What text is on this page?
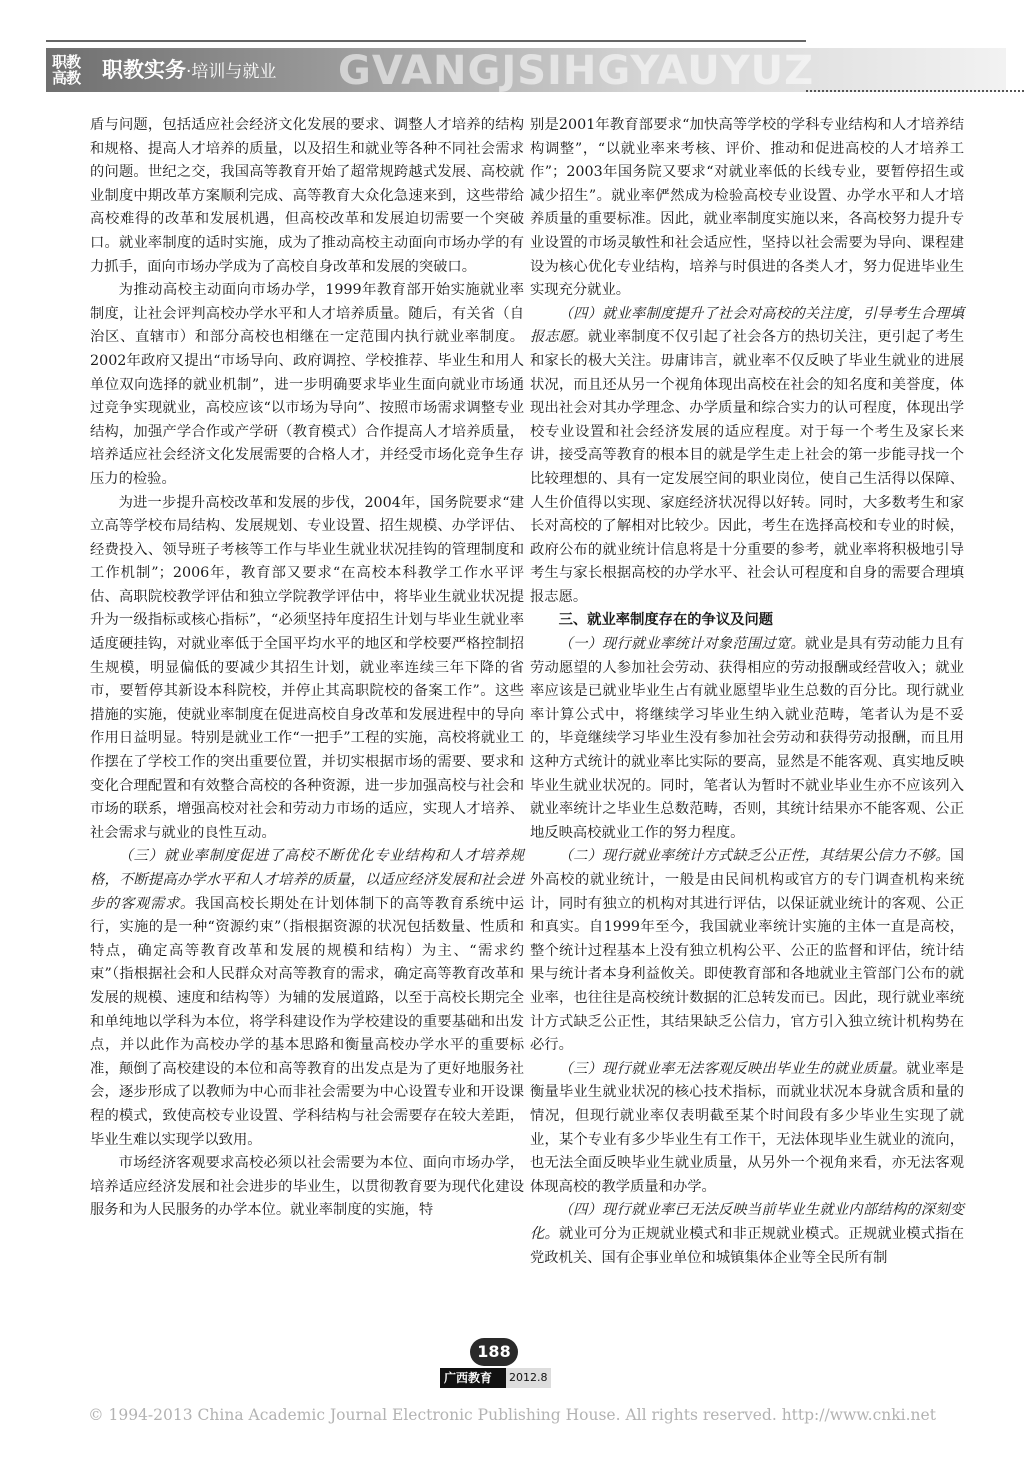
职教
高教	GVANGJSIHGYAUYUZ
职教实务·培训与就业

盾与问题，包括适应社会经济文化发展的要求、调整人才培养的结构和规格、提高人才培养的质量，以及招生和就业等各种不同社会需求的问题。世纪之交，我国高等教育开始了超常规跨越式发展、高校就业制度中期改革方案顺利完成、高等教育大众化急速来到，这些带给高校难得的改革和发展机遇，但高校改革和发展迫切需要一个突破口。就业率制度的适时实施，成为了推动高校主动面向市场办学的有力抓手，面向市场办学成为了高校自身改革和发展的突破口。

为推动高校主动面向市场办学，1999年教育部开始实施就业率制度，让社会评判高校办学水平和人才培养质量。随后，有关省（自治区、直辖市）和部分高校也相继在一定范围内执行就业率制度。2002年政府又提出“市场导向、政府调控、学校推荐、毕业生和用人单位双向选择的就业机制”，进一步明确要求毕业生面向就业市场通过竞争实现就业，高校应该“以市场为导向”、按照市场需求调整专业结构，加强产学合作或产学研（教育模式）合作提高人才培养质量，培养适应社会经济文化发展需要的合格人才，并经受市场化竞争生存压力的检验。

为进一步提升高校改革和发展的步伐，2004年，国务院要求“建立高等学校布局结构、发展规划、专业设置、招生规模、办学评估、经费投入、领导班子考核等工作与毕业生就业状况挂钩的管理制度和工作机制”；2006年，教育部又要求“在高校本科教学工作水平评估、高职院校教学评估和独立学院教学评估中，将毕业生就业状况提升为一级指标或核心指标”，“必须坚持年度招生计划与毕业生就业率适度硬挂钩，对就业率低于全国平均水平的地区和学校要严格控制招生规模，明显偏低的要减少其招生计划，就业率连续三年下降的省市，要暂停其新设本科院校，并停止其高职院校的备案工作”。这些措施的实施，使就业率制度在促进高校自身改革和发展进程中的导向作用日益明显。特别是就业工作“一把手”工程的实施，高校将就业工作摆在了学校工作的突出重要位置，并切实根据市场的需要、要求和变化合理配置和有效整合高校的各种资源，进一步加强高校与社会和市场的联系，增强高校对社会和劳动力市场的适应，实现人才培养、社会需求与就业的良性互动。

（三）就业率制度促进了高校不断优化专业结构和人才培养规格，不断提高办学水平和人才培养的质量，以适应经济发展和社会进步的客观需求。我国高校长期处在计划体制下的高等教育系统中运行，实施的是一种“资源约束”（指根据资源的状况包括数量、性质和特点，确定高等教育改革和发展的规模和结构）为主、“需求约束”（指根据社会和人民群众对高等教育的需求，确定高等教育改革和发展的规模、速度和结构等）为辅的发展道路，以至于高校长期完全和单纯地以学科为本位，将学科建设作为学校建设的重要基础和出发点，并以此作为高校办学的基本思路和衡量高校办学水平的重要标准，颠倒了高校建设的本位和高等教育的出发点是为了更好地服务社会，逐步形成了以教师为中心而非社会需要为中心设置专业和开设课程的模式，致使高校专业设置、学科结构与社会需要存在较大差距，毕业生难以实现学以致用。

市场经济客观要求高校必须以社会需要为本位、面向市场办学，培养适应经济发展和社会进步的毕业生，以贯彻教育要为现代化建设服务和为人民服务的办学本位。就业率制度的实施，特

别是2001年教育部要求“加快高等学校的学科专业结构和人才培养结构调整”，“以就业率来考核、评价、推动和促进高校的人才培养工作”；2003年国务院又要求“对就业率低的长线专业，要暂停招生或减少招生”。就业率俨然成为检验高校专业设置、办学水平和人才培养质量的重要标准。因此，就业率制度实施以来，各高校努力提升专业设置的市场灵敏性和社会适应性，坚持以社会需要为导向、课程建设为核心优化专业结构，培养与时俱进的各类人才，努力促进毕业生实现充分就业。

（四）就业率制度提升了社会对高校的关注度，引导考生合理填报志愿。就业率制度不仅引起了社会各方的热切关注，更引起了考生和家长的极大关注。毋庸讳言，就业率不仅反映了毕业生就业的进展状况，而且还从另一个视角体现出高校在社会的知名度和美誉度，体现出社会对其办学理念、办学质量和综合实力的认可程度，体现出学校专业设置和社会经济发展的适应程度。对于每一个考生及家长来讲，接受高等教育的根本目的就是学生走上社会的第一步能寻找一个比较理想的、具有一定发展空间的职业岗位，使自己生活得以保障、人生价值得以实现、家庭经济状况得以好转。同时，大多数考生和家长对高校的了解相对比较少。因此，考生在选择高校和专业的时候，政府公布的就业统计信息将是十分重要的参考，就业率将积极地引导考生与家长根据高校的办学水平、社会认可程度和自身的需要合理填报志愿。

三、就业率制度存在的争议及问题

（一）现行就业率统计对象范围过宽。就业是具有劳动能力且有劳动愿望的人参加社会劳动、获得相应的劳动报酬或经营收入；就业率应该是已就业毕业生占有就业愿望毕业生总数的百分比。现行就业率计算公式中，将继续学习毕业生纳入就业范畴，笔者认为是不妥的，毕竟继续学习毕业生没有参加社会劳动和获得劳动报酬，而且用这种方式统计的就业率比实际的要高，显然是不能客观、真实地反映毕业生就业状况的。同时，笔者认为暂时不就业毕业生亦不应该列入就业率统计之毕业生总数范畴，否则，其统计结果亦不能客观、公正地反映高校就业工作的努力程度。

（二）现行就业率统计方式缺乏公正性，其结果公信力不够。国外高校的就业统计，一般是由民间机构或官方的专门调查机构来统计，同时有独立的机构对其进行评估，以保证就业统计的客观、公正和真实。自1999年至今，我国就业率统计实施的主体一直是高校，整个统计过程基本上没有独立机构公平、公正的监督和评估，统计结果与统计者本身利益攸关。即使教育部和各地就业主管部门公布的就业率，也往往是高校统计数据的汇总转发而已。因此，现行就业率统计方式缺乏公正性，其结果缺乏公信力，官方引入独立统计机构势在必行。

（三）现行就业率无法客观反映出毕业生的就业质量。就业率是衡量毕业生就业状况的核心技术指标，而就业状况本身就含质和量的情况，但现行就业率仅表明截至某个时间段有多少毕业生实现了就业，某个专业有多少毕业生有工作干，无法体现毕业生就业的流向，也无法全面反映毕业生就业质量，从另外一个视角来看，亦无法客观体现高校的教学质量和办学。

（四）现行就业率已无法反映当前毕业生就业内部结构的深刻变化。就业可分为正规就业模式和非正规就业模式。正规就业模式指在党政机关、国有企事业单位和城镇集体企业等全民所有制

188
广西教育 2012.8
© 1994-2013 China Academic Journal Electronic Publishing House. All rights reserved. http://www.cnki.net
